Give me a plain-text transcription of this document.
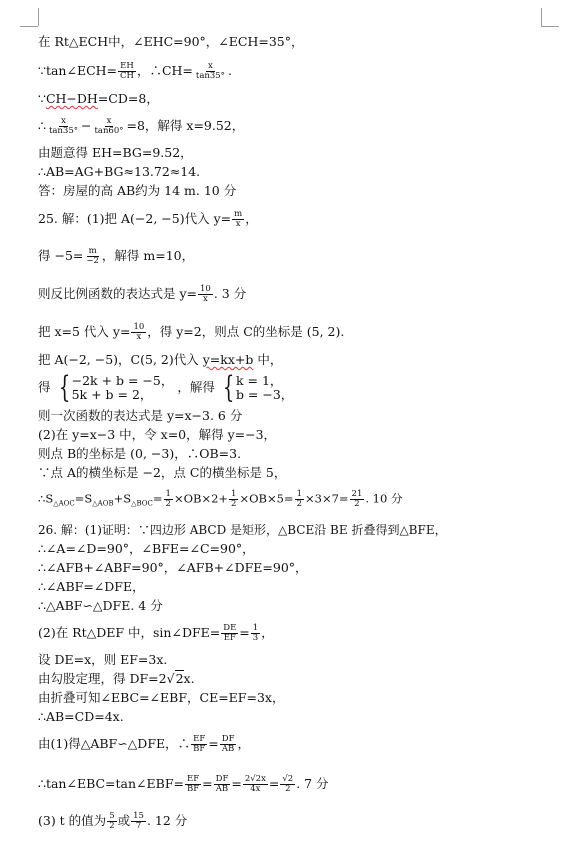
在 Rt△ECH中，∠EHC=90°，∠ECH=35°，
∵tan∠ECH= $\frac{EH}{CH}$ ，∴CH= $\frac{x}{\tan 35^\circ}$ .
∵CH−DH=CD=8，
∴ $\frac{x}{\tan 35^\circ} - \frac{x}{\tan 60^\circ} =8$，解得 x=9.52，
由题意得 EH=BG=9.52，
∴AB=AG+BG≈13.72≈14.
答：房屋的高 AB约为 14 m. 10 分
25. 解：(1)把 A(−2, −5)代入 $y= \frac{m}{x}$ ，
得 $-5= \frac{m}{-2}$ ，解得 m=10，
则反比例函数的表达式是 $y= \frac{10}{x}$ . 3 分
把 x=5 代入 $y= \frac{10}{x}$ ，得 y=2，则点 C的坐标是 (5, 2).
把 A(−2, −5)，C(5, 2)代入 y=kx+b 中，
得 { −2k + b = −5，
5k + b = 2，	，解得 { k = 1，
b = −3，
则一次函数的表达式是 y=x−3. 6 分
(2)在 y=x−3 中，令 x=0，解得 y=−3，
则点 B的坐标是 (0, −3)，∴OB=3.
∵点 A的横坐标是 −2，点 C的横坐标是 5，
$\therefore S_{\triangle AOC}=S_{\triangle AOB}+S_{\triangle BOC}= \frac{1}{2} \times OB\times 2+ \frac{1}{2} \times OB\times 5= \frac{1}{2} \times 3\times 7= \frac{21}{2}$ . 10 分
26. 解：(1)证明：∵四边形 ABCD 是矩形，△BCE沿 BE 折叠得到△BFE，
∴∠A=∠D=90°，∠BFE=∠C=90°，
∴∠AFB+∠ABF=90°，∠AFB+∠DFE=90°，
∴∠ABF=∠DFE，
∴△ABF∽△DFE. 4 分
(2)在 Rt△DEF 中，sin∠DFE= $\frac{DE}{EF} = \frac{1}{3}$ ，
设 DE=x，则 EF=3x.
由勾股定理，得 DF=2√2x.
由折叠可知∠EBC=∠EBF，CE=EF=3x，
∴AB=CD=4x.
由(1)得△ABF∽△DFE，∴ $\frac{EF}{BF} = \frac{DF}{AB}$ ，
∴tan∠EBC=tan∠EBF= $\frac{EF}{BF} = \frac{DF}{AB} = \frac{2√2x}{4x} = \frac{√2}{2}$ . 7 分
(3) t 的值为 $\frac{5}{2}$ 或 $\frac{15}{7}$ . 12 分
